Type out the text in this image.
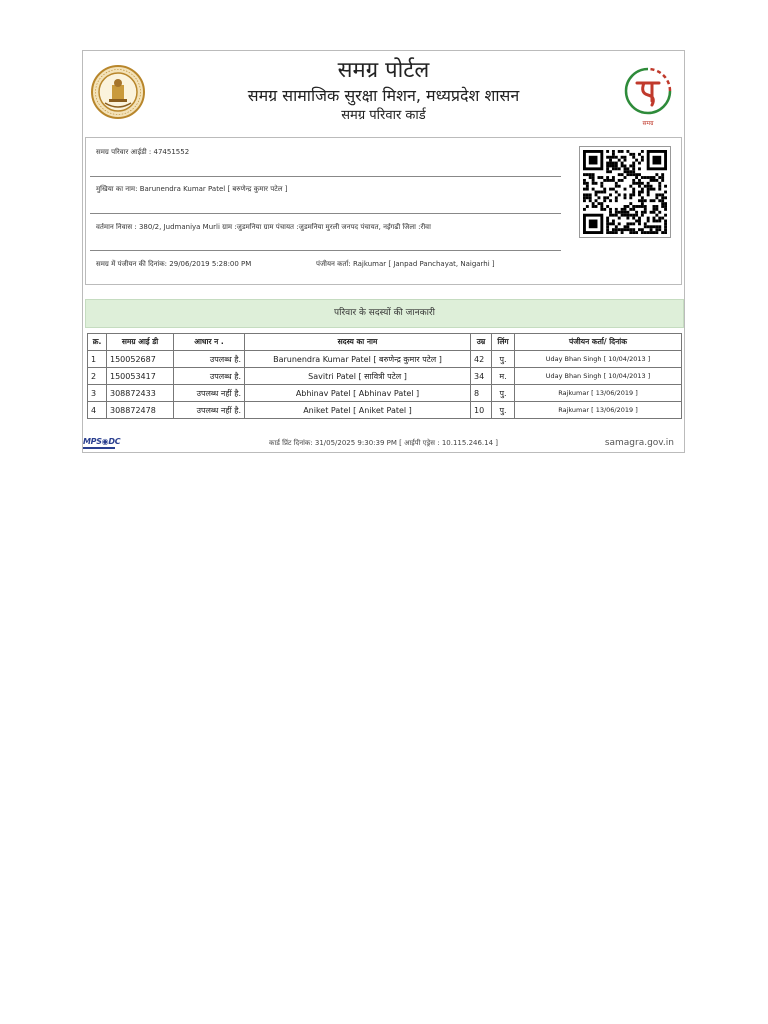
समग्र पोर्टल
समग्र सामाजिक सुरक्षा मिशन, मध्यप्रदेश शासन
समग्र परिवार कार्ड
समग्र
समग्र परिवार आईडी : 47451552
मुखिया का नाम: Barunendra Kumar Patel [ बरुणेन्द्र कुमार पटेल ]
वर्तमान निवास : 380/2, Judmaniya Murli ग्राम :जुडमनिया ग्राम पंचायत :जुडमनिया मुरली जनपद पंचायत, नईगढी जिला :रीवा
समग्र में पंजीयन की दिनांक: 29/06/2019 5:28:00 PM	पंजीयन कर्ता: Rajkumar [ Janpad Panchayat, Naigarhi ]
परिवार के सदस्यों की जानकारी
क्र.	समग्र आई डी	आधार न .	सदस्य का नाम	उम्र	लिंग	पंजीयन कर्ता/ दिनांक
1	150052687	उपलब्ध है.	Barunendra Kumar Patel [ बरुणेन्द्र कुमार पटेल ]	42	पु.	Uday Bhan Singh [ 10/04/2013 ]
2	150053417	उपलब्ध है.	Savitri Patel [ सावित्री पटेल ]	34	म.	Uday Bhan Singh [ 10/04/2013 ]
3	308872433	उपलब्ध नहीं है.	Abhinav Patel [ Abhinav Patel ]	8	पु.	Rajkumar [ 13/06/2019 ]
4	308872478	उपलब्ध नहीं है.	Aniket Patel [ Aniket Patel ]	10	पु.	Rajkumar [ 13/06/2019 ]
MPS◉DC	कार्ड प्रिंट दिनांक: 31/05/2025 9:30:39 PM [ आईपी एड्रेस : 10.115.246.14 ]	samagra.gov.in
